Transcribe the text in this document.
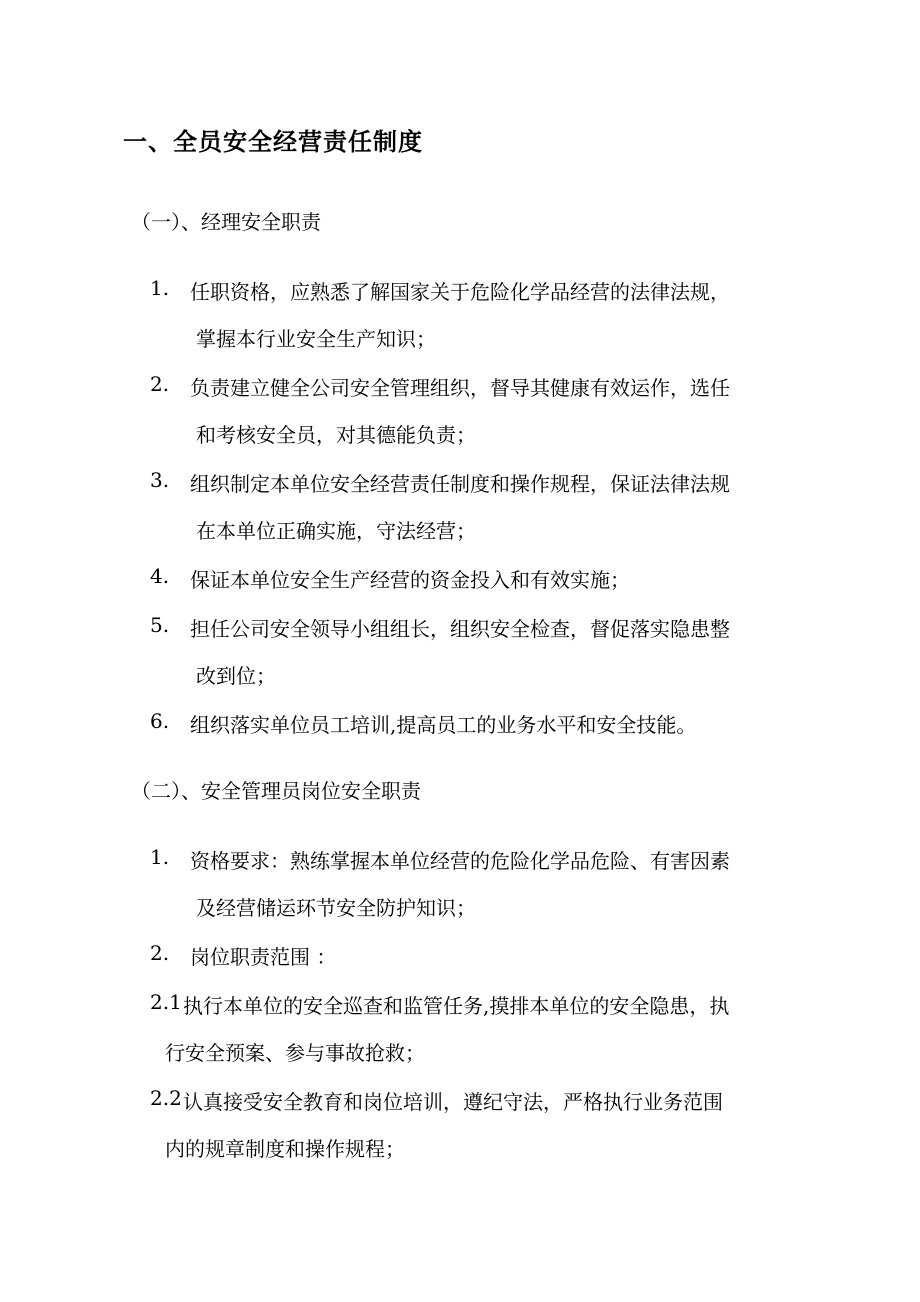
一、全员安全经营责任制度
（一）、经理安全职责
1. 任职资格，应熟悉了解国家关于危险化学品经营的法律法规，
掌握本行业安全生产知识；
2. 负责建立健全公司安全管理组织，督导其健康有效运作，选任
和考核安全员，对其德能负责；
3. 组织制定本单位安全经营责任制度和操作规程，保证法律法规
在本单位正确实施，守法经营；
4. 保证本单位安全生产经营的资金投入和有效实施；
5. 担任公司安全领导小组组长，组织安全检查，督促落实隐患整
改到位；
6. 组织落实单位员工培训,提高员工的业务水平和安全技能。
（二）、安全管理员岗位安全职责
1. 资格要求：熟练掌握本单位经营的危险化学品危险、有害因素
及经营储运环节安全防护知识；
2. 岗位职责范围 ：
2.1 执行本单位的安全巡查和监管任务,摸排本单位的安全隐患，执
行安全预案、参与事故抢救；
2.2 认真接受安全教育和岗位培训，遵纪守法，严格执行业务范围
内的规章制度和操作规程；
